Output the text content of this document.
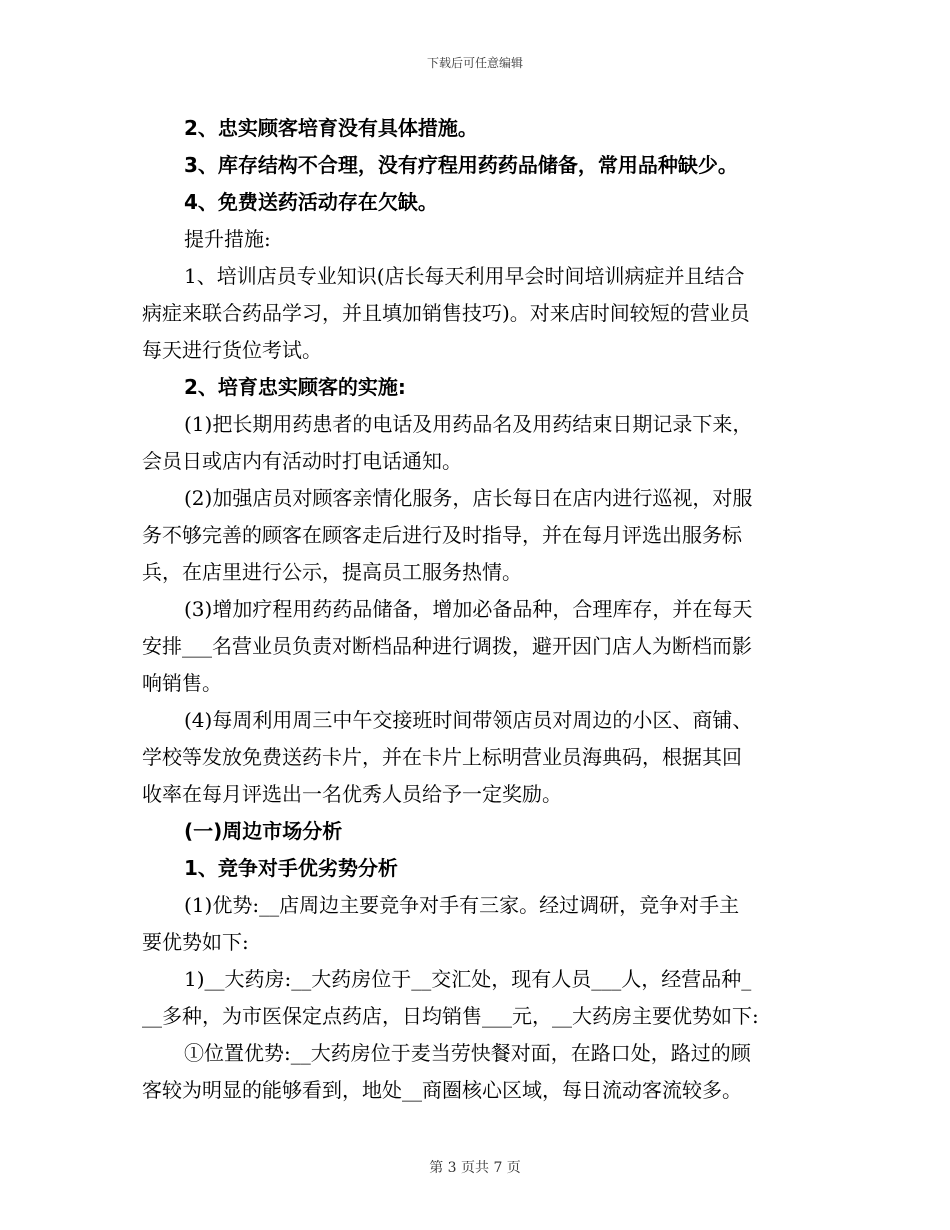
下载后可任意编辑
2、忠实顾客培育没有具体措施。
3、库存结构不合理，没有疗程用药药品储备，常用品种缺少。
4、免费送药活动存在欠缺。
提升措施:
1、培训店员专业知识(店长每天利用早会时间培训病症并且结合
病症来联合药品学习，并且填加销售技巧)。对来店时间较短的营业员
每天进行货位考试。
2、培育忠实顾客的实施:
(1)把长期用药患者的电话及用药品名及用药结束日期记录下来，
会员日或店内有活动时打电话通知。
(2)加强店员对顾客亲情化服务，店长每日在店内进行巡视，对服
务不够完善的顾客在顾客走后进行及时指导，并在每月评选出服务标
兵，在店里进行公示，提高员工服务热情。
(3)增加疗程用药药品储备，增加必备品种，合理库存，并在每天
安排___名营业员负责对断档品种进行调拨，避开因门店人为断档而影
响销售。
(4)每周利用周三中午交接班时间带领店员对周边的小区、商铺、
学校等发放免费送药卡片，并在卡片上标明营业员海典码，根据其回
收率在每月评选出一名优秀人员给予一定奖励。
(一)周边市场分析
1、竞争对手优劣势分析
(1)优势:__店周边主要竞争对手有三家。经过调研，竞争对手主
要优势如下:
1)__大药房:__大药房位于__交汇处，现有人员___人，经营品种_
__多种，为市医保定点药店，日均销售___元，__大药房主要优势如下:
①位置优势:__大药房位于麦当劳快餐对面，在路口处，路过的顾
客较为明显的能够看到，地处__商圈核心区域，每日流动客流较多。
第 3 页共 7 页
